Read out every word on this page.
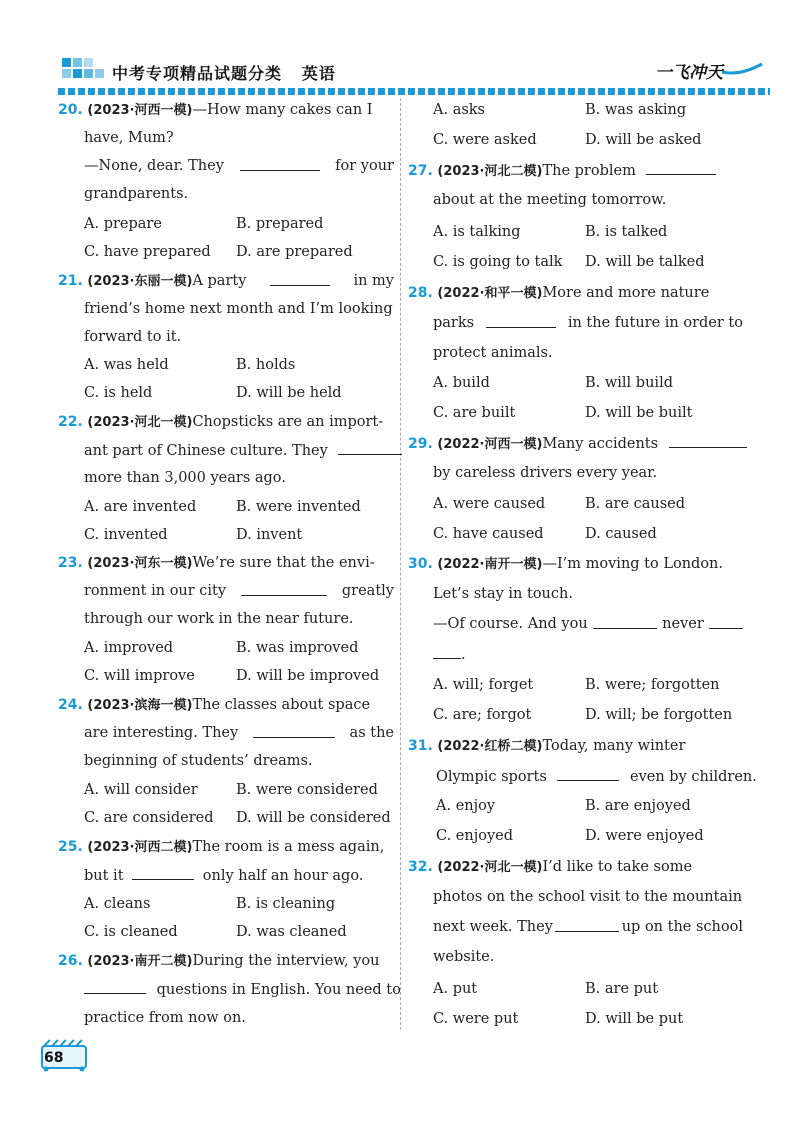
中考专项精品试题分类   英语	一飞冲天
20. (2023·河西一模)—How many cakes can I
have, Mum?
—None, dear. They	for your
grandparents.
A. prepare	B. prepared
C. have prepared D. are prepared
21. (2023·东丽一模)A party	in my
friend’s home next month and I’m looking
forward to it.
A. was held	B. holds
C. is held	D. will be held
22. (2023·河北一模)Chopsticks are an import-
ant part of Chinese culture. They
more than 3,000 years ago.
A. are invented	B. were invented
C. invented	D. invent
23. (2023·河东一模)We’re sure that the envi-
ronment in our city	greatly
through our work in the near future.
A. improved	B. was improved
C. will improve	D. will be improved
24. (2023·滨海一模)The classes about space
are interesting. They	as the
beginning of students’ dreams.
A. will consider	B. were considered
C. are considered D. will be considered
25. (2023·河西二模)The room is a mess again,
but it	only half an hour ago.
A. cleans	B. is cleaning
C. is cleaned	D. was cleaned
26. (2023·南开二模)During the interview, you
questions in English. You need to
practice from now on.
A. asks	B. was asking
C. were asked	D. will be asked
27. (2023·河北二模)The problem
about at the meeting tomorrow.
A. is talking	B. is talked
C. is going to talk D. will be talked
28. (2022·和平一模)More and more nature
parks	in the future in order to
protect animals.
A. build	B. will build
C. are built	D. will be built
29. (2022·河西一模)Many accidents
by careless drivers every year.
A. were caused	B. are caused
C. have caused	D. caused
30. (2022·南开一模)—I’m moving to London.
Let’s stay in touch.
—Of course. And you	never
.
A. will; forget	B. were; forgotten
C. are; forgot	D. will; be forgotten
31. (2022·红桥二模)Today, many winter
Olympic sports	even by children.
A. enjoy	B. are enjoyed
C. enjoyed	D. were enjoyed
32. (2022·河北一模)I’d like to take some
photos on the school visit to the mountain
next week. They	up on the school
website.
A. put	B. are put
C. were put	D. will be put
68
